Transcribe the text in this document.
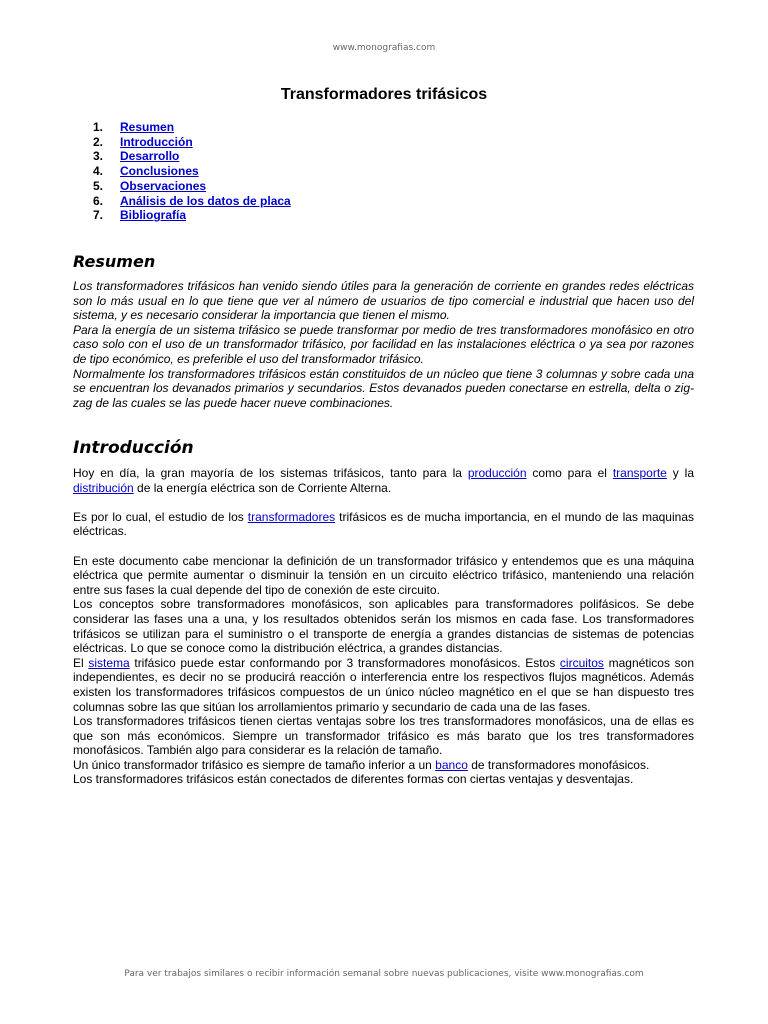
www.monografias.com
Transformadores trifásicos
1. Resumen
2. Introducción
3. Desarrollo
4. Conclusiones
5. Observaciones
6. Análisis de los datos de placa
7. Bibliografía
Resumen

Los transformadores trifásicos han venido siendo útiles para la generación de corriente en grandes redes eléctricas son lo más usual en lo que tiene que ver al número de usuarios de tipo comercial e industrial que hacen uso del sistema, y es necesario considerar la importancia que tienen el mismo.

Para la energía de un sistema trifásico se puede transformar por medio de tres transformadores monofásico en otro caso solo con el uso de un transformador trifásico, por facilidad en las instalaciones eléctrica o ya sea por razones de tipo económico, es preferible el uso del transformador trifásico.

Normalmente los transformadores trifásicos están constituidos de un núcleo que tiene 3 columnas y sobre cada una se encuentran los devanados primarios y secundarios. Estos devanados pueden conectarse en estrella, delta o zig-zag de las cuales se las puede hacer nueve combinaciones.

Introducción

Hoy en día, la gran mayoría de los sistemas trifásicos, tanto para la producción como para el transporte y la distribución de la energía eléctrica son de Corriente Alterna.

Es por lo cual, el estudio de los transformadores trifásicos es de mucha importancia, en el mundo de las maquinas eléctricas.

En este documento cabe mencionar la definición de un transformador trifásico y entendemos que es una máquina eléctrica que permite aumentar o disminuir la tensión en un circuito eléctrico trifásico, manteniendo una relación entre sus fases la cual depende del tipo de conexión de este circuito.

Los conceptos sobre transformadores monofásicos, son aplicables para transformadores polifásicos. Se debe considerar las fases una a una, y los resultados obtenidos serán los mismos en cada fase. Los transformadores trifásicos se utilizan para el suministro o el transporte de energía a grandes distancias de sistemas de potencias eléctricas. Lo que se conoce como la distribución eléctrica, a grandes distancias.

El sistema trifásico puede estar conformando por 3 transformadores monofásicos. Estos circuitos magnéticos son independientes, es decir no se producirá reacción o interferencia entre los respectivos flujos magnéticos. Además existen los transformadores trifásicos compuestos de un único núcleo magnético en el que se han dispuesto tres columnas sobre las que sitúan los arrollamientos primario y secundario de cada una de las fases.

Los transformadores trifásicos tienen ciertas ventajas sobre los tres transformadores monofásicos, una de ellas es que son más económicos. Siempre un transformador trifásico es más barato que los tres transformadores monofásicos. También algo para considerar es la relación de tamaño.

Un único transformador trifásico es siempre de tamaño inferior a un banco de transformadores monofásicos.

Los transformadores trifásicos están conectados de diferentes formas con ciertas ventajas y desventajas.

Para ver trabajos similares o recibir información semanal sobre nuevas publicaciones, visite www.monografias.com
